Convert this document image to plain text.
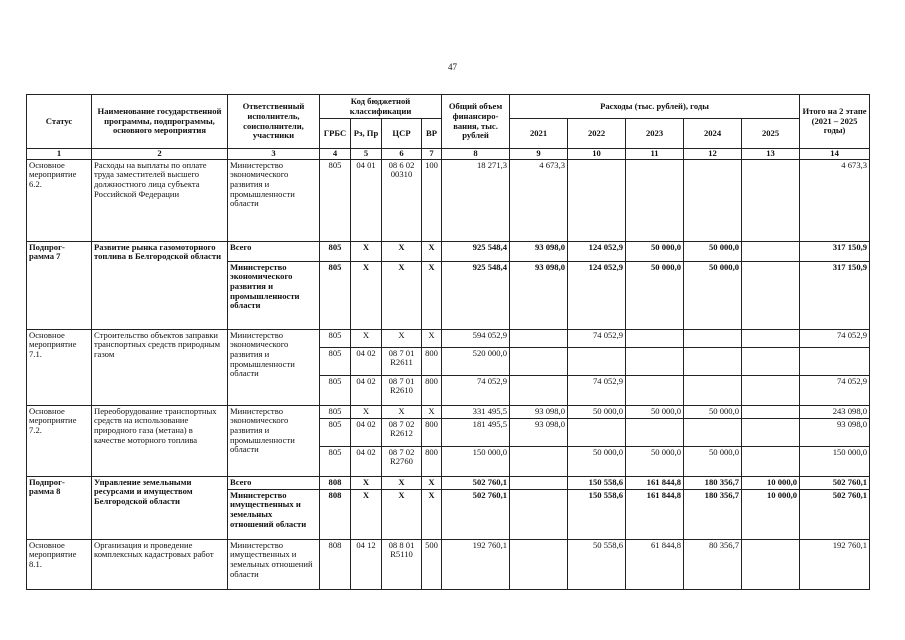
47
Статус	Наименование государственной программы, подпрограммы, основного мероприятия	Ответственный исполнитель, соисполнители, участники	Код бюджетной классификации				Общий объем финансиро-вания, тыс. рублей	Расходы (тыс. рублей), годы					Итого на 2 этапе (2021 – 2025 годы)
			ГРБС	Рз, Пр	ЦСР	ВР		2021	2022	2023	2024	2025	
1	2	3	4	5	6	7	8	9	10	11	12	13	14
Основное мероприятие 6.2.	Расходы на выплаты по оплате труда заместителей высшего должностного лица субъекта Российской Федерации	Министерство экономического развития и промышленности области	805	04 01	08 6 02 00310	100	18 271,3	4 673,3					4 673,3
Подпрог-рамма 7	Развитие рынка газомоторного топлива в Белгородской области	Всего	805	Х	Х	Х	925 548,4	93 098,0	124 052,9	50 000,0	50 000,0		317 150,9
		Министерство экономического развития и промышленности области	805	Х	Х	Х	925 548,4	93 098,0	124 052,9	50 000,0	50 000,0		317 150,9
Основное мероприятие 7.1.	Строительство объектов заправки транспортных средств природным газом	Министерство экономического развития и промышленности области	805	Х	Х	Х	594 052,9		74 052,9				74 052,9
			805	04 02	08 7 01 R2611	800	520 000,0						
			805	04 02	08 7 01 R2610	800	74 052,9		74 052,9				74 052,9
Основное мероприятие 7.2.	Переоборудование транспортных средств на использование природного газа (метана) в качестве моторного топлива	Министерство экономического развития и промышленности области	805	Х	Х	Х	331 495,5	93 098,0	50 000,0	50 000,0	50 000,0		243 098,0
			805	04 02	08 7 02 R2612	800	181 495,5	93 098,0					93 098,0
			805	04 02	08 7 02 R2760	800	150 000,0		50 000,0	50 000,0	50 000,0		150 000,0
Подпрог-рамма 8	Управление земельными ресурсами и имуществом Белгородской области	Всего	808	Х	Х	Х	502 760,1		150 558,6	161 844,8	180 356,7	10 000,0	502 760,1
		Министерство имущественных и земельных отношений области	808	Х	Х	Х	502 760,1		150 558,6	161 844,8	180 356,7	10 000,0	502 760,1
Основное мероприятие 8.1.	Организация и проведение комплексных кадастровых работ	Министерство имущественных и земельных отношений области	808	04 12	08 8 01 R5110	500	192 760,1		50 558,6	61 844,8	80 356,7		192 760,1
